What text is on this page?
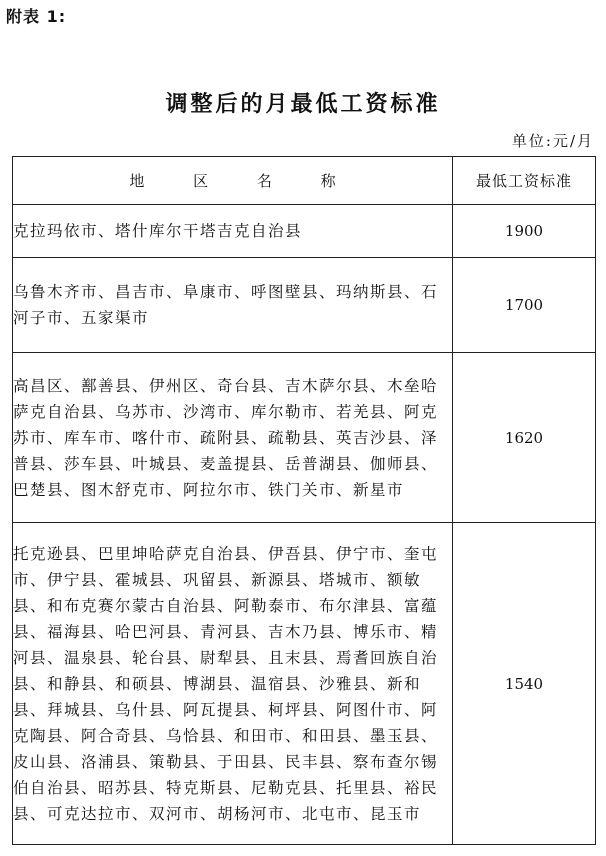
附表 1:
调整后的月最低工资标准
单位:元/月
地 区 名 称	最低工资标准
克拉玛依市、塔什库尔干塔吉克自治县	1900
乌鲁木齐市、昌吉市、阜康市、呼图壁县、玛纳斯县、石河子市、五家渠市	1700
高昌区、鄯善县、伊州区、奇台县、吉木萨尔县、木垒哈萨克自治县、乌苏市、沙湾市、库尔勒市、若羌县、阿克苏市、库车市、喀什市、疏附县、疏勒县、英吉沙县、泽普县、莎车县、叶城县、麦盖提县、岳普湖县、伽师县、巴楚县、图木舒克市、阿拉尔市、铁门关市、新星市	1620
托克逊县、巴里坤哈萨克自治县、伊吾县、伊宁市、奎屯市、伊宁县、霍城县、巩留县、新源县、塔城市、额敏县、和布克赛尔蒙古自治县、阿勒泰市、布尔津县、富蕴县、福海县、哈巴河县、青河县、吉木乃县、博乐市、精河县、温泉县、轮台县、尉犁县、且末县、焉耆回族自治县、和静县、和硕县、博湖县、温宿县、沙雅县、新和县、拜城县、乌什县、阿瓦提县、柯坪县、阿图什市、阿克陶县、阿合奇县、乌恰县、和田市、和田县、墨玉县、皮山县、洛浦县、策勒县、于田县、民丰县、察布查尔锡伯自治县、昭苏县、特克斯县、尼勒克县、托里县、裕民县、可克达拉市、双河市、胡杨河市、北屯市、昆玉市	1540
